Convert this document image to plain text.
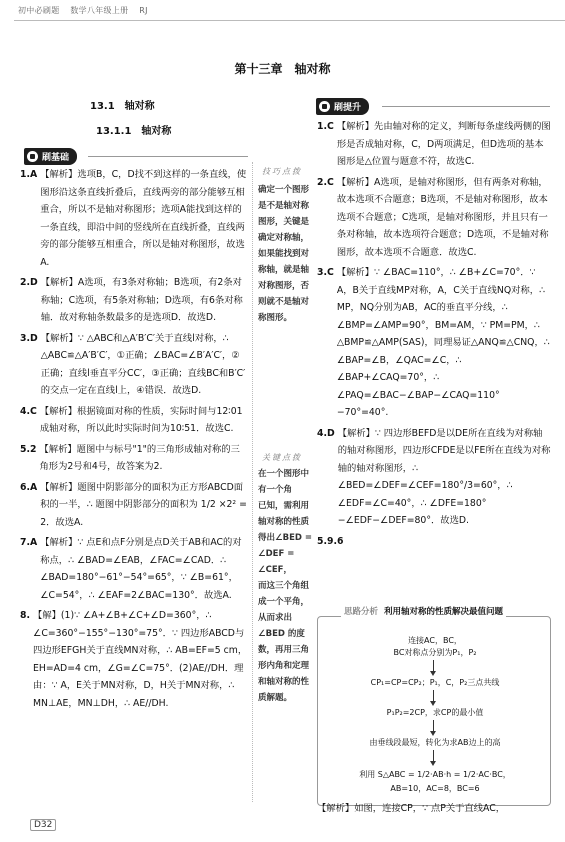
初中必刷题 数学八年级上册 RJ
第十三章　轴对称
13.1　轴对称
13.1.1　轴对称
刷基础
刷提升
1.A 【解析】选项B，C，D找不到这样的一条直线，使图形沿这条直线折叠后，直线两旁的部分能够互相重合，所以不是轴对称图形；选项A能找到这样的一条直线，即沿中间的竖线所在直线折叠，直线两旁的部分能够互相重合，所以是轴对称图形，故选A.
2.D 【解析】A选项，有3条对称轴；B选项，有2条对称轴；C选项，有5条对称轴；D选项，有6条对称轴．故对称轴条数最多的是选项D．故选D.
3.D 【解析】∵ △ABC和△A′B′C′关于直线l对称，∴ △ABC≌△A′B′C′，①正确；∠BAC=∠B′A′C′，②正确；直线l垂直平分CC′，③正确；直线BC和B′C′的交点一定在直线l上，④错误．故选D.
4.C 【解析】根据镜面对称的性质，实际时间与12∶01成轴对称，所以此时实际时间为10∶51．故选C.
5.2 【解析】题图中与标号"1"的三角形成轴对称的三角形为2号和4号，故答案为2.
6.A 【解析】题图中阴影部分的面积为正方形ABCD面积的一半，∴ 题图中阴影部分的面积为 1/2 ×2² = 2．故选A.
7.A 【解析】∵ 点E和点F分别是点D关于AB和AC的对称点，∴ ∠BAD=∠EAB，∠FAC=∠CAD．∴ ∠BAD=180°−61°−54°=65°，∵ ∠B=61°，∠C=54°，∴ ∠EAF=2∠BAC=130°．故选A.
8. 【解】(1)∵ ∠A+∠B+∠C+∠D=360°，∴ ∠C=360°−155°−130°=75°．∵ 四边形ABCD与四边形EFGH关于直线MN对称，∴ AB=EF=5 cm，EH=AD=4 cm，∠G=∠C=75°．(2)AE//DH．理由：∵ A，E关于MN对称，D，H关于MN对称，∴ MN⊥AE，MN⊥DH，∴ AE//DH.
技巧点拨
确定一个图形
是不是轴对称
图形，关键是
确定对称轴，
如果能找到对
称轴，就是轴
对称图形，否
则就不是轴对
称图形。
关键点拨
在一个图形中
有一个角
已知，需利用
轴对称的性质
得出∠BED =
∠DEF = ∠CEF，
而这三个角组
成一个平角，
从而求出
∠BED 的度
数，再用三角
形内角和定理
和轴对称的性
质解题。
1.C 【解析】先由轴对称的定义，判断每条虚线两侧的图形是否成轴对称，C，D两项满足，但D选项的基本图形是△位置与题意不符，故选C.
2.C 【解析】A选项，是轴对称图形，但有两条对称轴，故本选项不合题意；B选项，不是轴对称图形，故本选项不合题意；C选项，是轴对称图形，并且只有一条对称轴，故本选项符合题意；D选项，不是轴对称图形，故本选项不合题意．故选C.
3.C 【解析】∵ ∠BAC=110°，∴ ∠B+∠C=70°．∵ A，B关于直线MP对称，A，C关于直线NQ对称，∴ MP，NQ分别为AB，AC的垂直平分线，∴ ∠BMP=∠AMP=90°，BM=AM，∵ PM=PM，∴ △BMP≌△AMP(SAS)，同理易证△ANQ≌△CNQ，∴ ∠BAP=∠B，∠QAC=∠C，∴ ∠BAP+∠CAQ=70°，∴ ∠PAQ=∠BAC−∠BAP−∠CAQ=110°−70°=40°.
4.D 【解析】∵ 四边形BEFD是以DE所在直线为对称轴的轴对称图形，四边形CFDE是以FE所在直线为对称轴的轴对称图形，∴ ∠BED=∠DEF=∠CEF=180°/3=60°，∴ ∠EDF=∠C=40°，∴ ∠DFE=180°−∠EDF−∠DEF=80°．故选D.
5.9.6
连接AC，BC，
BC对称点分别为P₁，P₂
CP₁=CP=CP₂；P₁，C，P₂三点共线
P₁P₂=2CP，求CP的最小值
由垂线段最短，转化为求AB边上的高
利用 S△ABC = 1/2·AB·h = 1/2·AC·BC，
AB=10，AC=8，BC=6
思路分析 利用轴对称的性质解决最值问题
【解析】如图，连接CP，∵ 点P关于直线AC，
D32
